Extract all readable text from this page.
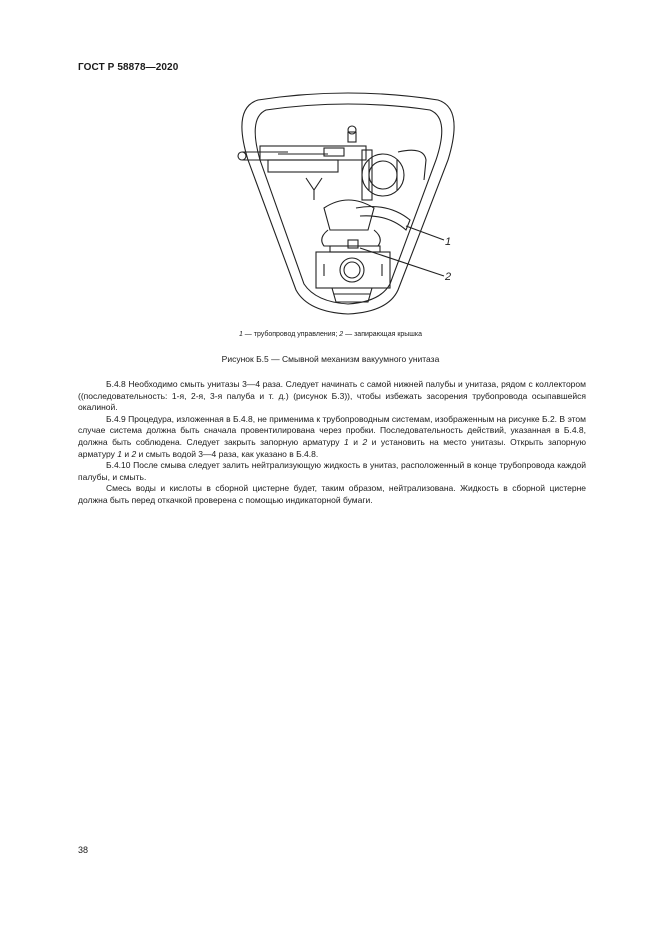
ГОСТ Р 58878—2020
1
2
1 — трубопровод управления; 2 — запирающая крышка
Рисунок Б.5 — Смывной механизм вакуумного унитаза

Б.4.8 Необходимо смыть унитазы 3—4 раза. Следует начинать с самой нижней палубы и унитаза, рядом с коллектором ((последовательность: 1-я, 2-я, 3-я палуба и т. д.) (рисунок Б.3)), чтобы избежать засорения трубопровода осыпавшейся окалиной.

Б.4.9 Процедура, изложенная в Б.4.8, не применима к трубопроводным системам, изображенным на рисунке Б.2. В этом случае система должна быть сначала провентилирована через пробки. Последовательность действий, указанная в Б.4.8, должна быть соблюдена. Следует закрыть запорную арматуру 1 и 2 и установить на место унитазы. Открыть запорную арматуру 1 и 2 и смыть водой 3—4 раза, как указано в Б.4.8.

Б.4.10 После смыва следует залить нейтрализующую жидкость в унитаз, расположенный в конце трубопровода каждой палубы, и смыть.

Смесь воды и кислоты в сборной цистерне будет, таким образом, нейтрализована. Жидкость в сборной цистерне должна быть перед откачкой проверена с помощью индикаторной бумаги.

38
